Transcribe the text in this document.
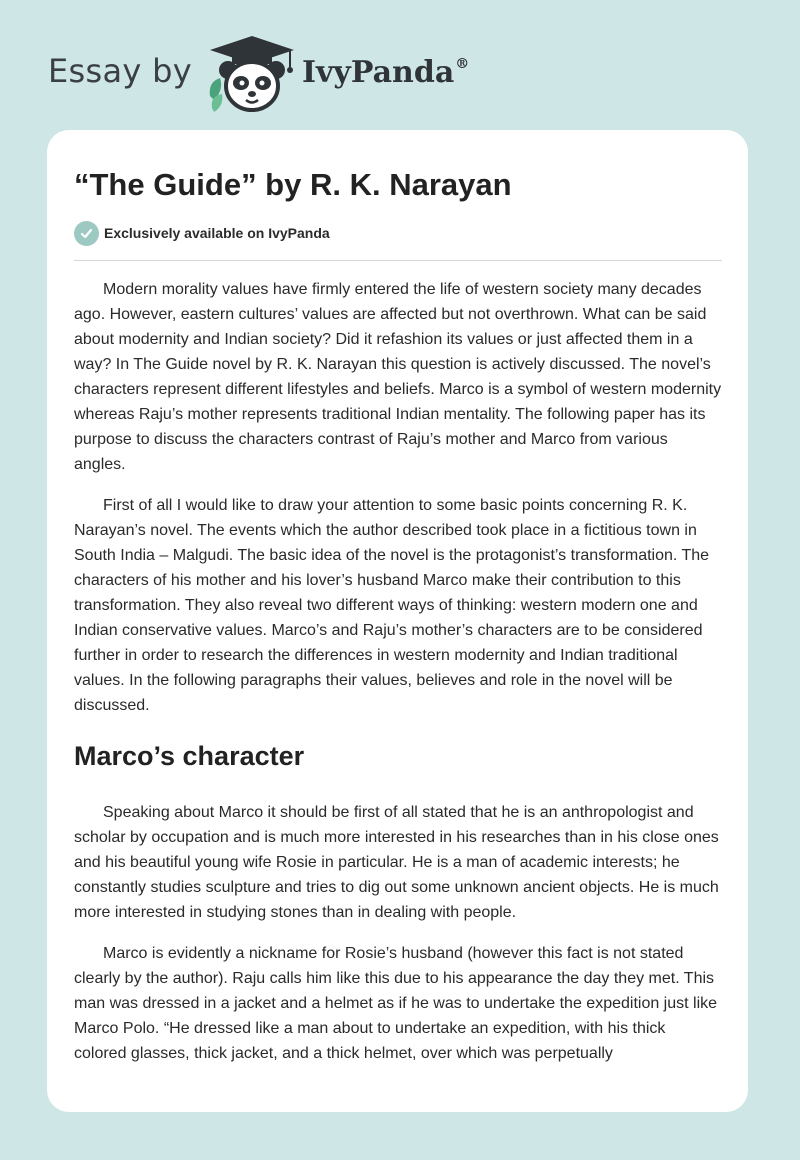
Essay by	IvyPanda®
“The Guide” by R. K. Narayan
Exclusively available on IvyPanda

Modern morality values have firmly entered the life of western society many decades ago. However, eastern cultures’ values are affected but not overthrown. What can be said about modernity and Indian society? Did it refashion its values or just affected them in a way? In The Guide novel by R. K. Narayan this question is actively discussed. The novel’s characters represent different lifestyles and beliefs. Marco is a symbol of western modernity whereas Raju’s mother represents traditional Indian mentality. The following paper has its purpose to discuss the characters contrast of Raju’s mother and Marco from various angles.

First of all I would like to draw your attention to some basic points concerning R. K. Narayan’s novel. The events which the author described took place in a fictitious town in South India – Malgudi. The basic idea of the novel is the protagonist’s transformation. The characters of his mother and his lover’s husband Marco make their contribution to this transformation. They also reveal two different ways of thinking: western modern one and Indian conservative values. Marco’s and Raju’s mother’s characters are to be considered further in order to research the differences in western modernity and Indian traditional values. In the following paragraphs their values, believes and role in the novel will be discussed.

Marco’s character

Speaking about Marco it should be first of all stated that he is an anthropologist and scholar by occupation and is much more interested in his researches than in his close ones and his beautiful young wife Rosie in particular. He is a man of academic interests; he constantly studies sculpture and tries to dig out some unknown ancient objects. He is much more interested in studying stones than in dealing with people.

Marco is evidently a nickname for Rosie’s husband (however this fact is not stated clearly by the author). Raju calls him like this due to his appearance the day they met. This man was dressed in a jacket and a helmet as if he was to undertake the expedition just like Marco Polo. “He dressed like a man about to undertake an expedition, with his thick colored glasses, thick jacket, and a thick helmet, over which was perpetually
